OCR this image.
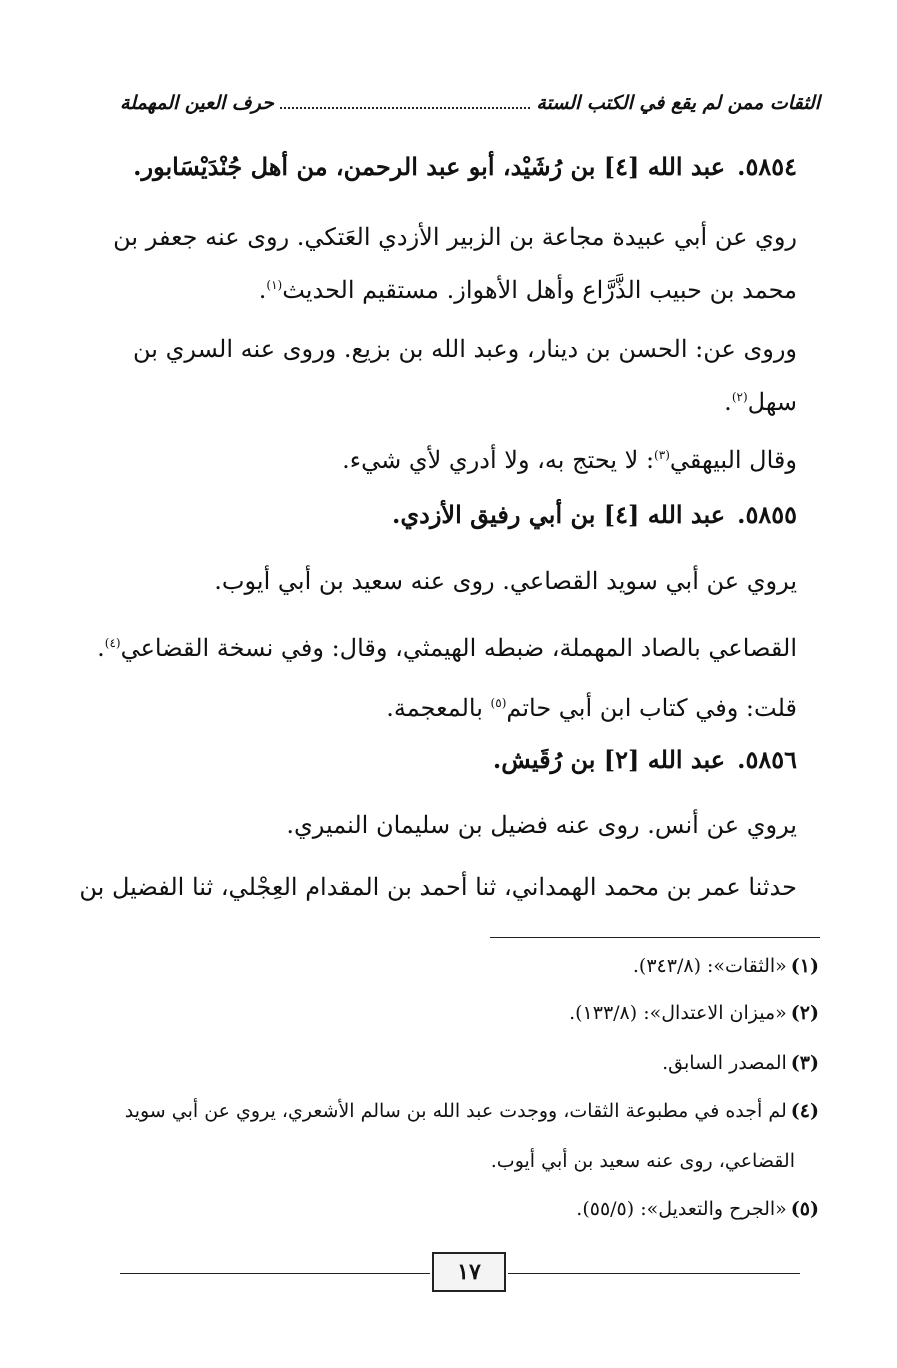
حرف العين المهملة	الثقات ممن لم يقع في الكتب الستة
٥٨٥٤.عبد الله [٤] بن رُشَيْد، أبو عبد الرحمن، من أهل جُنْدَيْسَابور.
روي عن أبي عبيدة مجاعة بن الزبير الأزدي العَتكي. روى عنه جعفر بن
محمد بن حبيب الذَّرَّاع وأهل الأهواز. مستقيم الحديث$^{(١)}$.
وروى عن: الحسن بن دينار، وعبد الله بن بزيع. وروى عنه السري بن
سهل$^{(٢)}$.
وقال البيهقي$^{(٣)}$: لا يحتج به، ولا أدري لأي شيء.
٥٨٥٥.عبد الله [٤] بن أبي رفيق الأزدي.
يروي عن أبي سويد القصاعي. روى عنه سعيد بن أبي أيوب.
القصاعي بالصاد المهملة، ضبطه الهيمثي، وقال: وفي نسخة القضاعي$^{(٤)}$.
قلت: وفي كتاب ابن أبي حاتم$^{(٥)}$ بالمعجمة.
٥٨٥٦.عبد الله [٢] بن رُقَيش.
يروي عن أنس. روى عنه فضيل بن سليمان النميري.
حدثنا عمر بن محمد الهمداني، ثنا أحمد بن المقدام العِجْلي، ثنا الفضيل بن
(١)«الثقات»: (٣٤٣/٨).
(٢)«ميزان الاعتدال»: (١٣٣/٨).
(٣)المصدر السابق.
(٤)لم أجده في مطبوعة الثقات، ووجدت عبد الله بن سالم الأشعري، يروي عن أبي سويد
القضاعي، روى عنه سعيد بن أبي أيوب.
(٥)«الجرح والتعديل»: (٥٥/٥).
١٧
